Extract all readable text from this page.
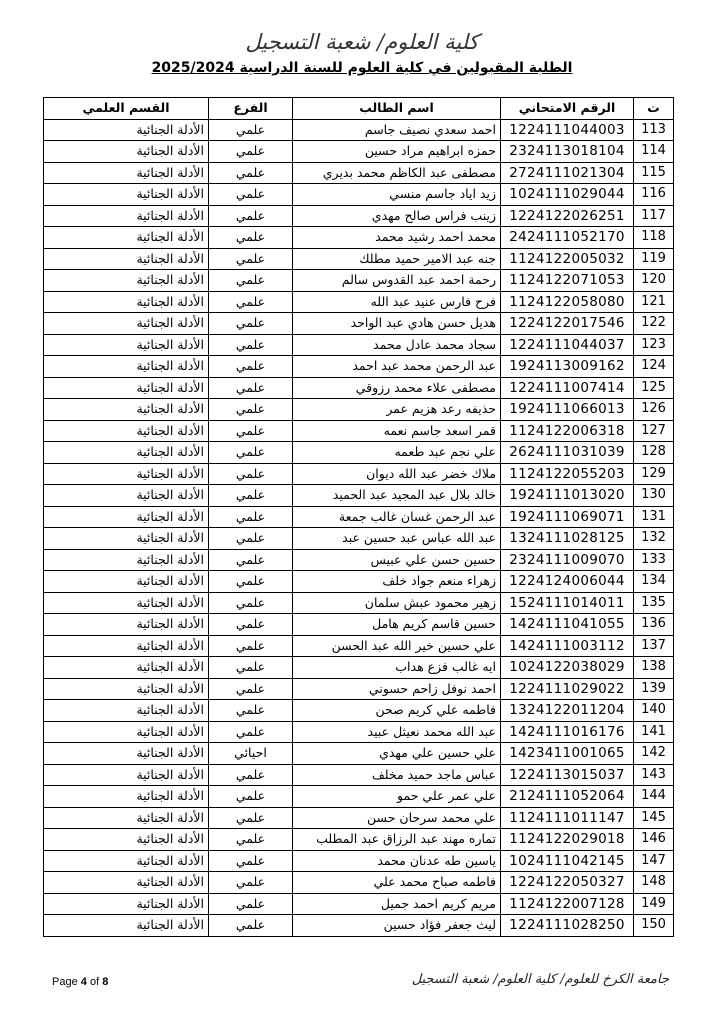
كلية العلوم/ شعبة التسجيل
الطلبة المقبولين في كلية العلوم للسنة الدراسية 2025/2024
ت	الرقم الامتحاني	اسم الطالب	الفرع	القسم العلمي
113	1224111044003	احمد سعدي نصيف جاسم	علمي	الأدلة الجنائية
114	2324113018104	حمزه ابراهيم مراد حسين	علمي	الأدلة الجنائية
115	2724111021304	مصطفى عبد الكاظم محمد بديري	علمي	الأدلة الجنائية
116	1024111029044	زيد اياد جاسم منسي	علمي	الأدلة الجنائية
117	1224122026251	زينب فراس صالح مهدي	علمي	الأدلة الجنائية
118	2424111052170	محمد احمد رشيد محمد	علمي	الأدلة الجنائية
119	1124122005032	جنه عبد الامير حميد مطلك	علمي	الأدلة الجنائية
120	1124122071053	رحمة احمد عبد القدوس سالم	علمي	الأدلة الجنائية
121	1124122058080	فرح فارس عنيد عبد الله	علمي	الأدلة الجنائية
122	1224122017546	هديل حسن هادي عبد الواحد	علمي	الأدلة الجنائية
123	1224111044037	سجاد محمد عادل محمد	علمي	الأدلة الجنائية
124	1924113009162	عبد الرحمن محمد عبد احمد	علمي	الأدلة الجنائية
125	1224111007414	مصطفى علاء محمد رزوقي	علمي	الأدلة الجنائية
126	1924111066013	حذيفه رعد هزيم عمر	علمي	الأدلة الجنائية
127	1124122006318	قمر اسعد جاسم نعمه	علمي	الأدلة الجنائية
128	2624111031039	علي نجم عبد طعمه	علمي	الأدلة الجنائية
129	1124122055203	ملاك خضر عبد الله ديوان	علمي	الأدلة الجنائية
130	1924111013020	خالد بلال عبد المجيد عبد الحميد	علمي	الأدلة الجنائية
131	1924111069071	عبد الرحمن غسان غالب جمعة	علمي	الأدلة الجنائية
132	1324111028125	عبد الله عباس عبد حسين عبد	علمي	الأدلة الجنائية
133	2324111009070	حسين حسن علي عبيس	علمي	الأدلة الجنائية
134	1224124006044	زهراء منعم جواد خلف	علمي	الأدلة الجنائية
135	1524111014011	زهير محمود عبش سلمان	علمي	الأدلة الجنائية
136	1424111041055	حسين قاسم كريم هامل	علمي	الأدلة الجنائية
137	1424111003112	علي حسين خير الله عبد الحسن	علمي	الأدلة الجنائية
138	1024122038029	ايه غالب فزع هداب	علمي	الأدلة الجنائية
139	1224111029022	احمد نوفل زاحم حسوني	علمي	الأدلة الجنائية
140	1324122011204	فاطمه علي كريم صحن	علمي	الأدلة الجنائية
141	1424111016176	عبد الله محمد نعيثل عبيد	علمي	الأدلة الجنائية
142	1423411001065	علي حسين علي مهدي	احيائي	الأدلة الجنائية
143	1224113015037	عباس ماجد حميد مخلف	علمي	الأدلة الجنائية
144	2124111052064	علي عمر علي حمو	علمي	الأدلة الجنائية
145	1124111011147	علي محمد سرحان حسن	علمي	الأدلة الجنائية
146	1124122029018	تماره مهند عبد الرزاق عبد المطلب	علمي	الأدلة الجنائية
147	1024111042145	ياسين طه عدنان محمد	علمي	الأدلة الجنائية
148	1224122050327	فاطمه صباح محمد علي	علمي	الأدلة الجنائية
149	1124122007128	مريم كريم احمد جميل	علمي	الأدلة الجنائية
150	1224111028250	ليث جعفر فؤاد حسين	علمي	الأدلة الجنائية
Page 4 of 8	جامعة الكرخ للعلوم/ كلية العلوم/ شعبة التسجيل
